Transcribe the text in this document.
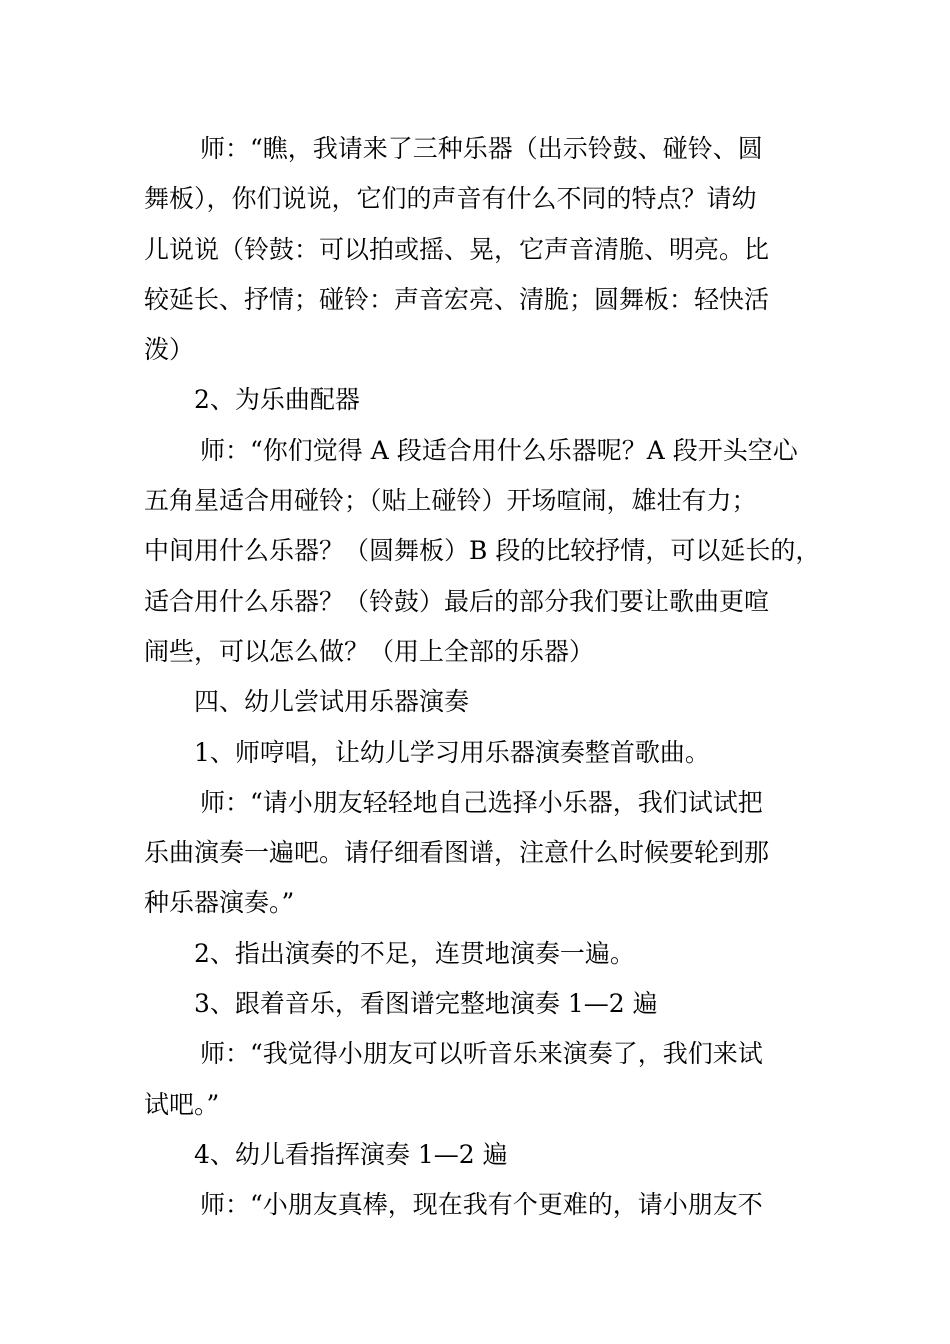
师：“瞧，我请来了三种乐器（出示铃鼓、碰铃、圆
舞板），你们说说，它们的声音有什么不同的特点？请幼
儿说说（铃鼓：可以拍或摇、晃，它声音清脆、明亮。比
较延长、抒情；碰铃：声音宏亮、清脆；圆舞板：轻快活
泼）
2、为乐曲配器
师：“你们觉得 A 段适合用什么乐器呢？A 段开头空心
五角星适合用碰铃；（贴上碰铃）开场喧闹，雄壮有力；
中间用什么乐器？（圆舞板）B 段的比较抒情，可以延长的，
适合用什么乐器？（铃鼓）最后的部分我们要让歌曲更喧
闹些，可以怎么做？（用上全部的乐器）
四、幼儿尝试用乐器演奏
1、师哼唱，让幼儿学习用乐器演奏整首歌曲。
师：“请小朋友轻轻地自己选择小乐器，我们试试把
乐曲演奏一遍吧。请仔细看图谱，注意什么时候要轮到那
种乐器演奏。”
2、指出演奏的不足，连贯地演奏一遍。
3、跟着音乐，看图谱完整地演奏 1—2 遍
师：“我觉得小朋友可以听音乐来演奏了，我们来试
试吧。”
4、幼儿看指挥演奏 1—2 遍
师：“小朋友真棒，现在我有个更难的，请小朋友不
